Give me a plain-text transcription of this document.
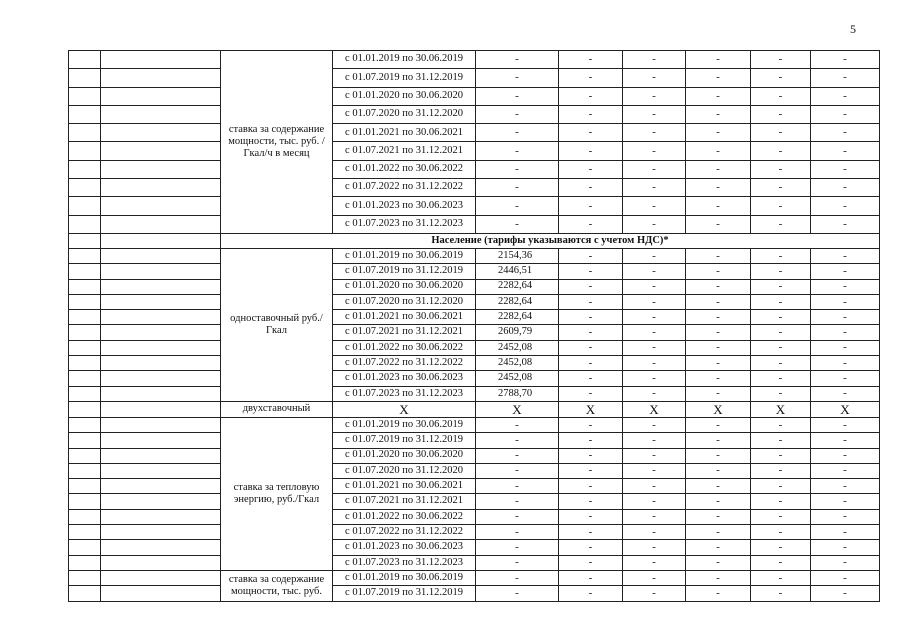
5
		ставка за содержание мощности, тыс. руб. /Гкал/ч в месяц	с 01.01.2019 по 30.06.2019	-	-	-	-	-	-
			с 01.07.2019 по 31.12.2019	-	-	-	-	-	-
			с 01.01.2020 по 30.06.2020	-	-	-	-	-	-
			с 01.07.2020 по 31.12.2020	-	-	-	-	-	-
			с 01.01.2021 по 30.06.2021	-	-	-	-	-	-
			с 01.07.2021 по 31.12.2021	-	-	-	-	-	-
			с 01.01.2022 по 30.06.2022	-	-	-	-	-	-
			с 01.07.2022 по 31.12.2022	-	-	-	-	-	-
			с 01.01.2023 по 30.06.2023	-	-	-	-	-	-
			с 01.07.2023 по 31.12.2023	-	-	-	-	-	-
		Население (тарифы указываются с учетом НДС)*							
		одноставочный руб./Гкал	с 01.01.2019 по 30.06.2019	2154,36	-	-	-	-	-
			с 01.07.2019 по 31.12.2019	2446,51	-	-	-	-	-
			с 01.01.2020 по 30.06.2020	2282,64	-	-	-	-	-
			с 01.07.2020 по 31.12.2020	2282,64	-	-	-	-	-
			с 01.01.2021 по 30.06.2021	2282,64	-	-	-	-	-
			с 01.07.2021 по 31.12.2021	2609,79	-	-	-	-	-
			с 01.01.2022 по 30.06.2022	2452,08	-	-	-	-	-
			с 01.07.2022 по 31.12.2022	2452,08	-	-	-	-	-
			с 01.01.2023 по 30.06.2023	2452,08	-	-	-	-	-
			с 01.07.2023 по 31.12.2023	2788,70	-	-	-	-	-
		двухставочный	X	X	X	X	X	X	X
		ставка за тепловую энергию, руб./Гкал	с 01.01.2019 по 30.06.2019	-	-	-	-	-	-
			с 01.07.2019 по 31.12.2019	-	-	-	-	-	-
			с 01.01.2020 по 30.06.2020	-	-	-	-	-	-
			с 01.07.2020 по 31.12.2020	-	-	-	-	-	-
			с 01.01.2021 по 30.06.2021	-	-	-	-	-	-
			с 01.07.2021 по 31.12.2021	-	-	-	-	-	-
			с 01.01.2022 по 30.06.2022	-	-	-	-	-	-
			с 01.07.2022 по 31.12.2022	-	-	-	-	-	-
			с 01.01.2023 по 30.06.2023	-	-	-	-	-	-
			с 01.07.2023 по 31.12.2023	-	-	-	-	-	-
		ставка за содержание мощности, тыс. руб.	с 01.01.2019 по 30.06.2019	-	-	-	-	-	-
			с 01.07.2019 по 31.12.2019	-	-	-	-	-	-
